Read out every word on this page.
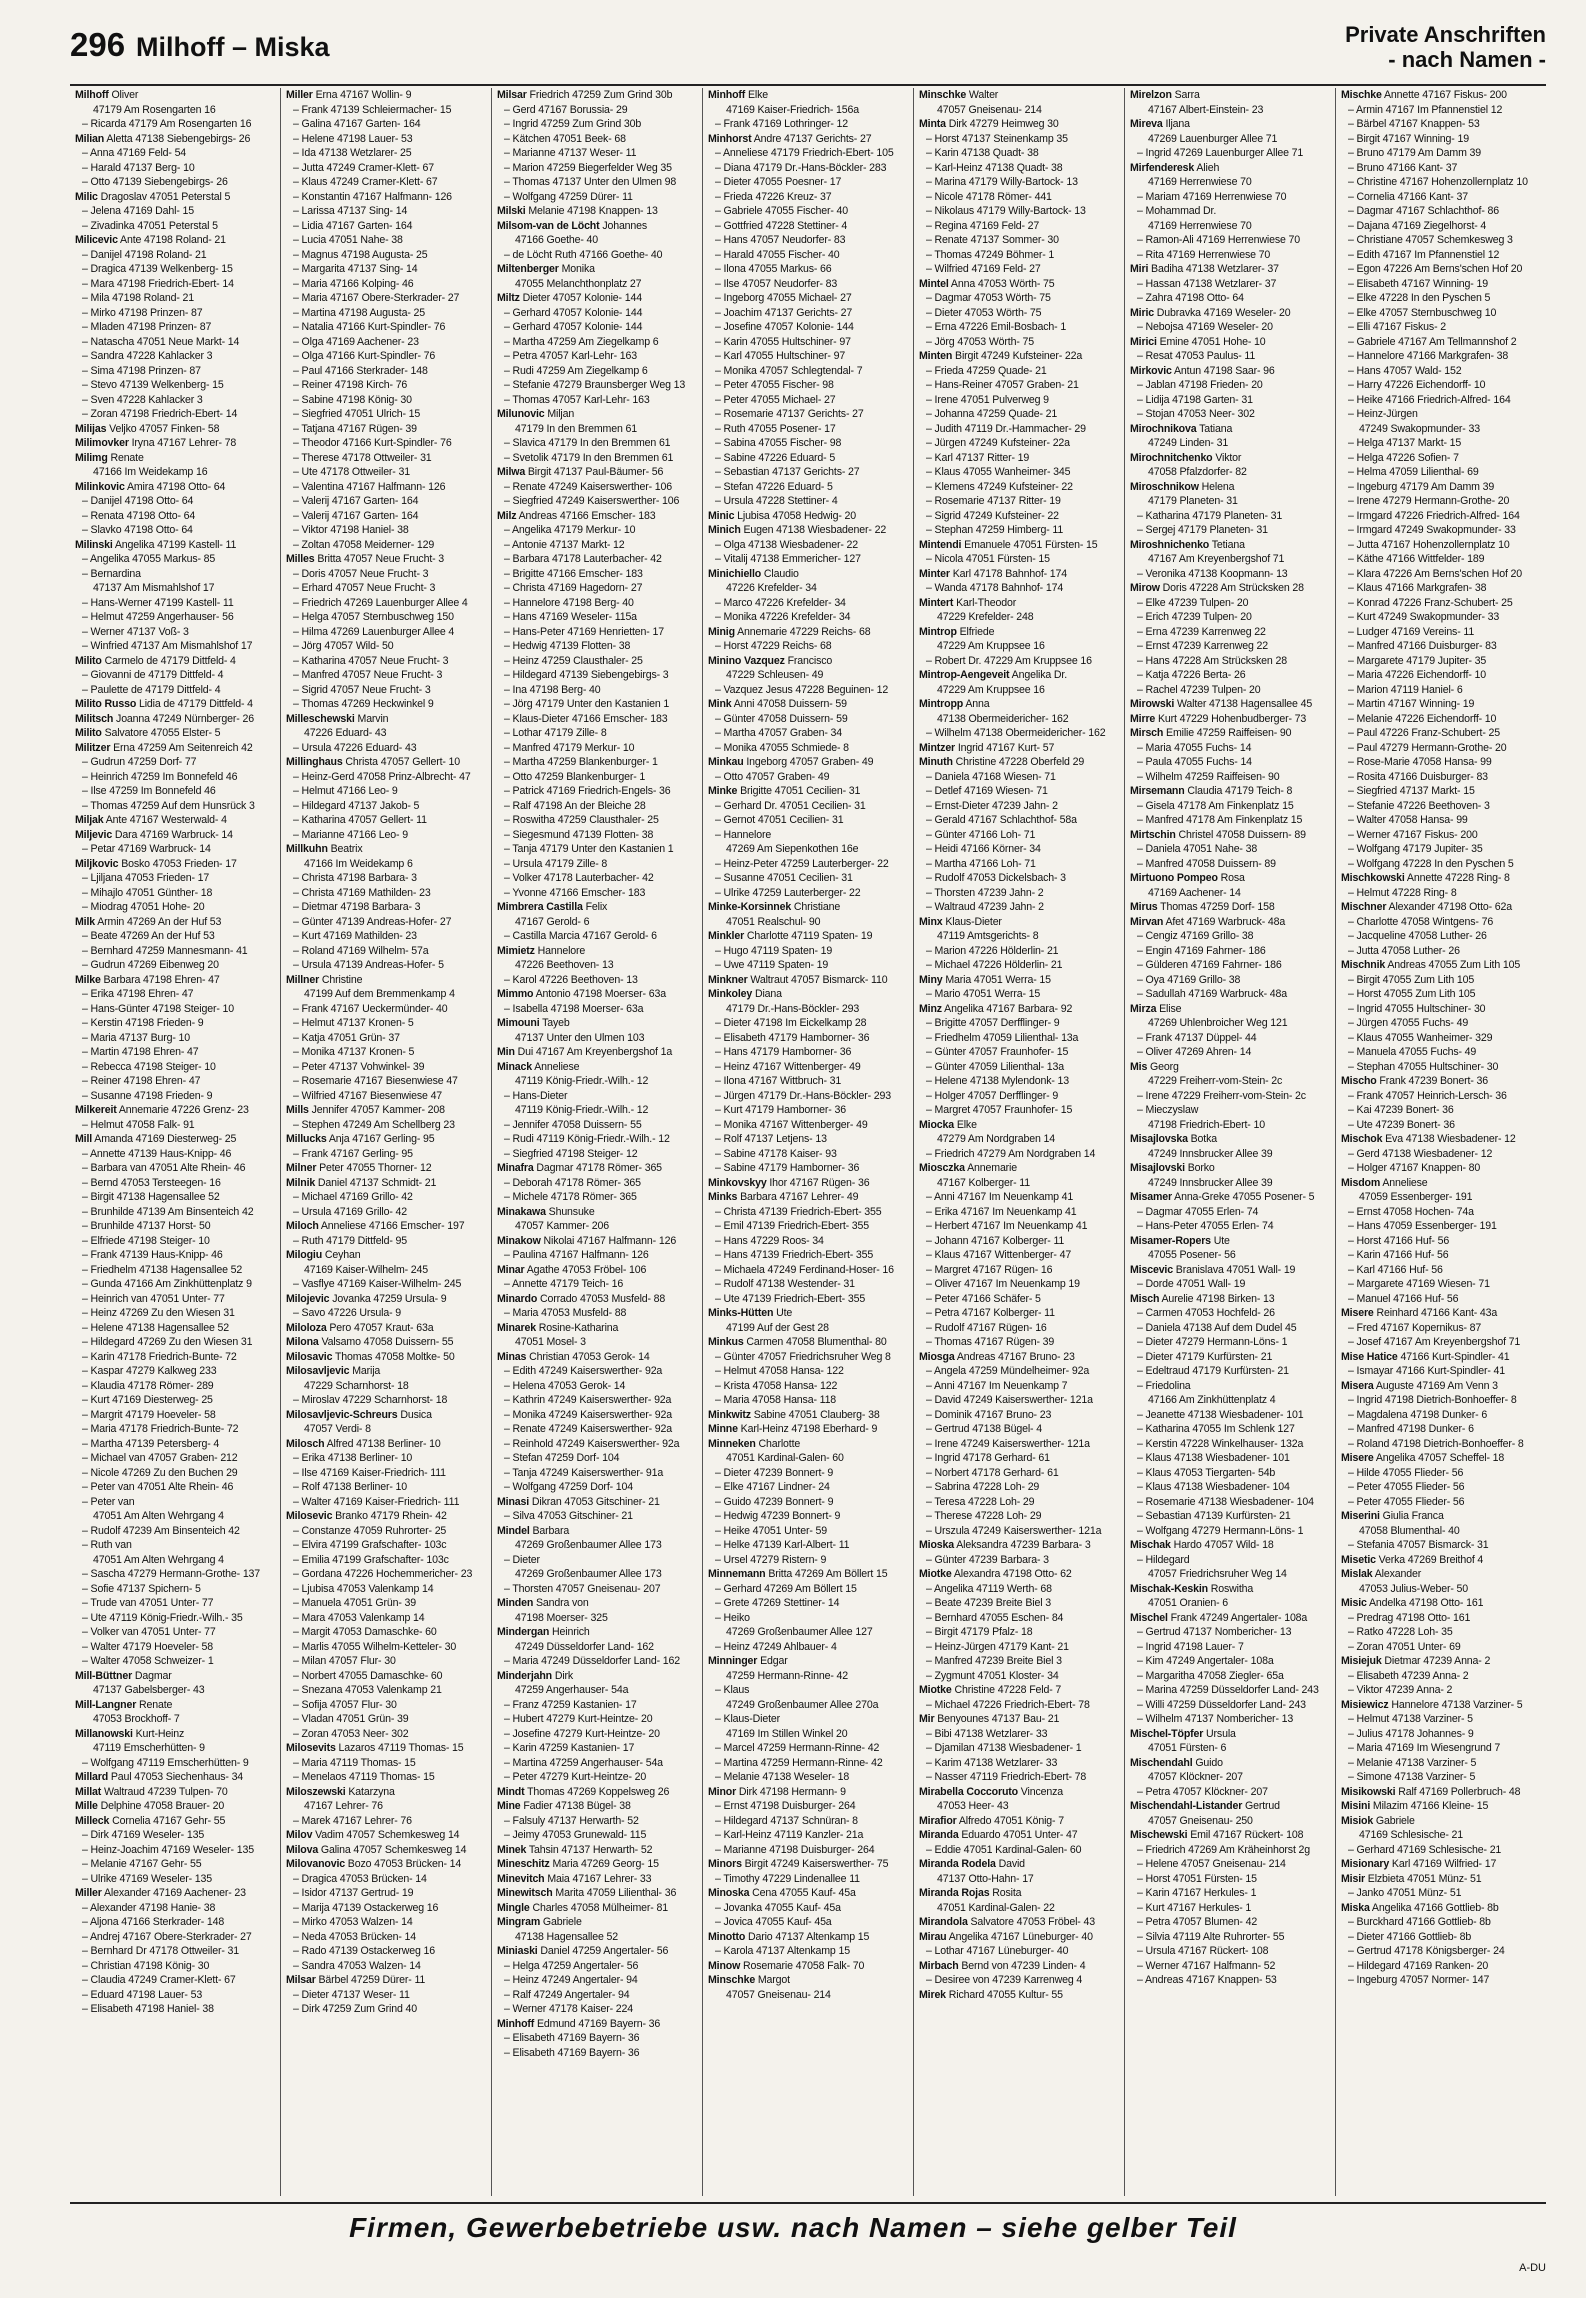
296 Milhoff – Miska	Private Anschriften
- nach Namen -
Milhoff Oliver
47179 Am Rosengarten 16
– Ricarda 47179 Am Rosengarten 16
Milian Aletta 47138 Siebengebirgs- 26
– Anna 47169 Feld- 54
– Harald 47137 Berg- 10
– Otto 47139 Siebengebirgs- 26
Milic Dragoslav 47051 Peterstal 5
– Jelena 47169 Dahl- 15
– Zivadinka 47051 Peterstal 5
Milicevic Ante 47198 Roland- 21
– Danijel 47198 Roland- 21
– Dragica 47139 Welkenberg- 15
– Mara 47198 Friedrich-Ebert- 14
– Mila 47198 Roland- 21
– Mirko 47198 Prinzen- 87
– Mladen 47198 Prinzen- 87
– Natascha 47051 Neue Markt- 14
– Sandra 47228 Kahlacker 3
– Sima 47198 Prinzen- 87
– Stevo 47139 Welkenberg- 15
– Sven 47228 Kahlacker 3
– Zoran 47198 Friedrich-Ebert- 14
Milijas Veljko 47057 Finken- 58
Milimovker Iryna 47167 Lehrer- 78
Milimg Renate
47166 Im Weidekamp 16
Milinkovic Amira 47198 Otto- 64
– Danijel 47198 Otto- 64
– Renata 47198 Otto- 64
– Slavko 47198 Otto- 64
Milinski Angelika 47199 Kastell- 11
– Angelika 47055 Markus- 85
– Bernardina
47137 Am Mismahlshof 17
– Hans-Werner 47199 Kastell- 11
– Helmut 47259 Angerhauser- 56
– Werner 47137 Voß- 3
– Winfried 47137 Am Mismahlshof 17
Milito Carmelo de 47179 Dittfeld- 4
– Giovanni de 47179 Dittfeld- 4
– Paulette de 47179 Dittfeld- 4
Milito Russo Lidia de 47179 Dittfeld- 4
Militsch Joanna 47249 Nürnberger- 26
Milito Salvatore 47055 Elster- 5
Militzer Erna 47259 Am Seitenreich 42
– Gudrun 47259 Dorf- 77
– Heinrich 47259 Im Bonnefeld 46
– Ilse 47259 Im Bonnefeld 46
– Thomas 47259 Auf dem Hunsrück 3
Miljak Ante 47167 Westerwald- 4
Miljevic Dara 47169 Warbruck- 14
– Petar 47169 Warbruck- 14
Miljkovic Bosko 47053 Frieden- 17
– Ljiljana 47053 Frieden- 17
– Mihajlo 47051 Günther- 18
– Miodrag 47051 Hohe- 20
Milk Armin 47269 An der Huf 53
– Beate 47269 An der Huf 53
– Bernhard 47259 Mannesmann- 41
– Gudrun 47269 Eibenweg 20
Milke Barbara 47198 Ehren- 47
– Erika 47198 Ehren- 47
– Hans-Günter 47198 Steiger- 10
– Kerstin 47198 Frieden- 9
– Maria 47137 Burg- 10
– Martin 47198 Ehren- 47
– Rebecca 47198 Steiger- 10
– Reiner 47198 Ehren- 47
– Susanne 47198 Frieden- 9
Milkereit Annemarie 47226 Grenz- 23
– Helmut 47058 Falk- 91
Mill Amanda 47169 Diesterweg- 25
– Annette 47139 Haus-Knipp- 46
– Barbara van 47051 Alte Rhein- 46
– Bernd 47053 Tersteegen- 16
– Birgit 47138 Hagensallee 52
– Brunhilde 47139 Am Binsenteich 42
– Brunhilde 47137 Horst- 50
– Elfriede 47198 Steiger- 10
– Frank 47139 Haus-Knipp- 46
– Friedhelm 47138 Hagensallee 52
– Gunda 47166 Am Zinkhüttenplatz 9
– Heinrich van 47051 Unter- 77
– Heinz 47269 Zu den Wiesen 31
– Helene 47138 Hagensallee 52
– Hildegard 47269 Zu den Wiesen 31
– Karin 47178 Friedrich-Bunte- 72
– Kaspar 47279 Kalkweg 233
– Klaudia 47178 Römer- 289
– Kurt 47169 Diesterweg- 25
– Margrit 47179 Hoeveler- 58
– Maria 47178 Friedrich-Bunte- 72
– Martha 47139 Petersberg- 4
– Michael van 47057 Graben- 212
– Nicole 47269 Zu den Buchen 29
– Peter van 47051 Alte Rhein- 46
– Peter van
47051 Am Alten Wehrgang 4
– Rudolf 47239 Am Binsenteich 42
– Ruth van
47051 Am Alten Wehrgang 4
– Sascha 47279 Hermann-Grothe- 137
– Sofie 47137 Spichern- 5
– Trude van 47051 Unter- 77
– Ute 47119 König-Friedr.-Wilh.- 35
– Volker van 47051 Unter- 77
– Walter 47179 Hoeveler- 58
– Walter 47058 Schweizer- 1
Mill-Büttner Dagmar
47137 Gabelsberger- 43
Mill-Langner Renate
47053 Brockhoff- 7
Millanowski Kurt-Heinz
47119 Emscherhütten- 9
– Wolfgang 47119 Emscherhütten- 9
Millard Paul 47053 Siechenhaus- 34
Millat Waltraud 47239 Tulpen- 70
Mille Delphine 47058 Brauer- 20
Milleck Cornelia 47167 Gehr- 55
– Dirk 47169 Weseler- 135
– Heinz-Joachim 47169 Weseler- 135
– Melanie 47167 Gehr- 55
– Ulrike 47169 Weseler- 135
Miller Alexander 47169 Aachener- 23
– Alexander 47198 Hanie- 38
– Aljona 47166 Sterkrader- 148
– Andrej 47167 Obere-Sterkrader- 27
– Bernhard Dr 47178 Ottweiler- 31
– Christian 47198 König- 30
– Claudia 47249 Cramer-Klett- 67
– Eduard 47198 Lauer- 53
– Elisabeth 47198 Haniel- 38
Miller Erna 47167 Wollin- 9
– Frank 47139 Schleiermacher- 15
– Galina 47167 Garten- 164
– Helene 47198 Lauer- 53
– Ida 47138 Wetzlarer- 25
– Jutta 47249 Cramer-Klett- 67
– Klaus 47249 Cramer-Klett- 67
– Konstantin 47167 Halfmann- 126
– Larissa 47137 Sing- 14
– Lidia 47167 Garten- 164
– Lucia 47051 Nahe- 38
– Magnus 47198 Augusta- 25
– Margarita 47137 Sing- 14
– Maria 47166 Kolping- 46
– Maria 47167 Obere-Sterkrader- 27
– Martina 47198 Augusta- 25
– Natalia 47166 Kurt-Spindler- 76
– Olga 47169 Aachener- 23
– Olga 47166 Kurt-Spindler- 76
– Paul 47166 Sterkrader- 148
– Reiner 47198 Kirch- 76
– Sabine 47198 König- 30
– Siegfried 47051 Ulrich- 15
– Tatjana 47167 Rügen- 39
– Theodor 47166 Kurt-Spindler- 76
– Therese 47178 Ottweiler- 31
– Ute 47178 Ottweiler- 31
– Valentina 47167 Halfmann- 126
– Valerij 47167 Garten- 164
– Valerij 47167 Garten- 164
– Viktor 47198 Haniel- 38
– Zoltan 47058 Meiderner- 129
Milles Britta 47057 Neue Frucht- 3
– Doris 47057 Neue Frucht- 3
– Erhard 47057 Neue Frucht- 3
– Friedrich 47269 Lauenburger Allee 4
– Helga 47057 Sternbuschweg 150
– Hilma 47269 Lauenburger Allee 4
– Jörg 47057 Wild- 50
– Katharina 47057 Neue Frucht- 3
– Manfred 47057 Neue Frucht- 3
– Sigrid 47057 Neue Frucht- 3
– Thomas 47269 Heckwinkel 9
Milleschewski Marvin
47226 Eduard- 43
– Ursula 47226 Eduard- 43
Millinghaus Christa 47057 Gellert- 10
– Heinz-Gerd 47058 Prinz-Albrecht- 47
– Helmut 47166 Leo- 9
– Hildegard 47137 Jakob- 5
– Katharina 47057 Gellert- 11
– Marianne 47166 Leo- 9
Millkuhn Beatrix
47166 Im Weidekamp 6
– Christa 47198 Barbara- 3
– Christa 47169 Mathilden- 23
– Dietmar 47198 Barbara- 3
– Günter 47139 Andreas-Hofer- 27
– Kurt 47169 Mathilden- 23
– Roland 47169 Wilhelm- 57a
– Ursula 47139 Andreas-Hofer- 5
Millner Christine
47199 Auf dem Bremmenkamp 4
– Frank 47167 Ueckermünder- 40
– Helmut 47137 Kronen- 5
– Katja 47051 Grün- 37
– Monika 47137 Kronen- 5
– Peter 47137 Vohwinkel- 39
– Rosemarie 47167 Biesenwiese 47
– Wilfried 47167 Biesenwiese 47
Mills Jennifer 47057 Kammer- 208
– Stephen 47249 Am Schellberg 23
Millucks Anja 47167 Gerling- 95
– Frank 47167 Gerling- 95
Milner Peter 47055 Thorner- 12
Milnik Daniel 47137 Schmidt- 21
– Michael 47169 Grillo- 42
– Ursula 47169 Grillo- 42
Miloch Anneliese 47166 Emscher- 197
– Ruth 47179 Dittfeld- 95
Milogiu Ceyhan
47169 Kaiser-Wilhelm- 245
– Vasflye 47169 Kaiser-Wilhelm- 245
Milojevic Jovanka 47259 Ursula- 9
– Savo 47226 Ursula- 9
Miloloza Pero 47057 Kraut- 63a
Milona Valsamo 47058 Duissern- 55
Milosavic Thomas 47058 Moltke- 50
Milosavljevic Marija
47229 Scharnhorst- 18
– Miroslav 47229 Scharnhorst- 18
Milosavljevic-Schreurs Dusica
47057 Verdi- 8
Milosch Alfred 47138 Berliner- 10
– Erika 47138 Berliner- 10
– Ilse 47169 Kaiser-Friedrich- 111
– Rolf 47138 Berliner- 10
– Walter 47169 Kaiser-Friedrich- 111
Milosevic Branko 47179 Rhein- 42
– Constanze 47059 Ruhrorter- 25
– Elvira 47199 Grafschafter- 103c
– Emilia 47199 Grafschafter- 103c
– Gordana 47226 Hochemmericher- 23
– Ljubisa 47053 Valenkamp 14
– Manuela 47051 Grün- 39
– Mara 47053 Valenkamp 14
– Margit 47053 Damaschke- 60
– Marlis 47055 Wilhelm-Ketteler- 30
– Milan 47057 Flur- 30
– Norbert 47055 Damaschke- 60
– Snezana 47053 Valenkamp 21
– Sofija 47057 Flur- 30
– Vladan 47051 Grün- 39
– Zoran 47053 Neer- 302
Milosevits Lazaros 47119 Thomas- 15
– Maria 47119 Thomas- 15
– Menelaos 47119 Thomas- 15
Miloszewski Katarzyna
47167 Lehrer- 76
– Marek 47167 Lehrer- 76
Milov Vadim 47057 Schemkesweg 14
Milova Galina 47057 Schemkesweg 14
Milovanovic Bozo 47053 Brücken- 14
– Dragica 47053 Brücken- 14
– Isidor 47137 Gertrud- 19
– Marija 47139 Ostackerweg 16
– Mirko 47053 Walzen- 14
– Neda 47053 Brücken- 14
– Rado 47139 Ostackerweg 16
– Sandra 47053 Walzen- 14
Milsar Bärbel 47259 Dürer- 11
– Dieter 47137 Weser- 11
– Dirk 47259 Zum Grind 40
Milsar Friedrich 47259 Zum Grind 30b
– Gerd 47167 Borussia- 29
– Ingrid 47259 Zum Grind 30b
– Kätchen 47051 Beek- 68
– Marianne 47137 Weser- 11
– Marion 47259 Biegerfelder Weg 35
– Thomas 47137 Unter den Ulmen 98
– Wolfgang 47259 Dürer- 11
Milski Melanie 47198 Knappen- 13
Milsom-van de Löcht Johannes
47166 Goethe- 40
– de Löcht Ruth 47166 Goethe- 40
Miltenberger Monika
47055 Melanchthonplatz 27
Miltz Dieter 47057 Kolonie- 144
– Gerhard 47057 Kolonie- 144
– Gerhard 47057 Kolonie- 144
– Martha 47259 Am Ziegelkamp 6
– Petra 47057 Karl-Lehr- 163
– Rudi 47259 Am Ziegelkamp 6
– Stefanie 47279 Braunsberger Weg 13
– Thomas 47057 Karl-Lehr- 163
Milunovic Miljan
47179 In den Bremmen 61
– Slavica 47179 In den Bremmen 61
– Svetolik 47179 In den Bremmen 61
Milwa Birgit 47137 Paul-Bäumer- 56
– Renate 47249 Kaiserswerther- 106
– Siegfried 47249 Kaiserswerther- 106
Milz Andreas 47166 Emscher- 183
– Angelika 47179 Merkur- 10
– Antonie 47137 Markt- 12
– Barbara 47178 Lauterbacher- 42
– Brigitte 47166 Emscher- 183
– Christa 47169 Hagedorn- 27
– Hannelore 47198 Berg- 40
– Hans 47169 Weseler- 115a
– Hans-Peter 47169 Henrietten- 17
– Hedwig 47139 Flotten- 38
– Heinz 47259 Clausthaler- 25
– Hildegard 47139 Siebengebirgs- 3
– Ina 47198 Berg- 40
– Jörg 47179 Unter den Kastanien 1
– Klaus-Dieter 47166 Emscher- 183
– Lothar 47179 Zille- 8
– Manfred 47179 Merkur- 10
– Martha 47259 Blankenburger- 1
– Otto 47259 Blankenburger- 1
– Patrick 47169 Friedrich-Engels- 36
– Ralf 47198 An der Bleiche 28
– Roswitha 47259 Clausthaler- 25
– Siegesmund 47139 Flotten- 38
– Tanja 47179 Unter den Kastanien 1
– Ursula 47179 Zille- 8
– Volker 47178 Lauterbacher- 42
– Yvonne 47166 Emscher- 183
Mimbrera Castilla Felix
47167 Gerold- 6
– Castilla Marcia 47167 Gerold- 6
Mimietz Hannelore
47226 Beethoven- 13
– Karol 47226 Beethoven- 13
Mimmo Antonio 47198 Moerser- 63a
– Isabella 47198 Moerser- 63a
Mimouni Tayeb
47137 Unter den Ulmen 103
Min Dui 47167 Am Kreyenbergshof 1a
Minack Anneliese
47119 König-Friedr.-Wilh.- 12
– Hans-Dieter
47119 König-Friedr.-Wilh.- 12
– Jennifer 47058 Duissern- 55
– Rudi 47119 König-Friedr.-Wilh.- 12
– Siegfried 47198 Steiger- 12
Minafra Dagmar 47178 Römer- 365
– Deborah 47178 Römer- 365
– Michele 47178 Römer- 365
Minakawa Shunsuke
47057 Kammer- 206
Minakow Nikolai 47167 Halfmann- 126
– Paulina 47167 Halfmann- 126
Minar Agathe 47053 Fröbel- 106
– Annette 47179 Teich- 16
Minardo Corrado 47053 Musfeld- 88
– Maria 47053 Musfeld- 88
Minarek Rosine-Katharina
47051 Mosel- 3
Minas Christian 47053 Gerok- 14
– Edith 47249 Kaiserswerther- 92a
– Helena 47053 Gerok- 14
– Kathrin 47249 Kaiserswerther- 92a
– Monika 47249 Kaiserswerther- 92a
– Renate 47249 Kaiserswerther- 92a
– Reinhold 47249 Kaiserswerther- 92a
– Stefan 47259 Dorf- 104
– Tanja 47249 Kaiserswerther- 91a
– Wolfgang 47259 Dorf- 104
Minasi Dikran 47053 Gitschiner- 21
– Silva 47053 Gitschiner- 21
Mindel Barbara
47269 Großenbaumer Allee 173
– Dieter
47269 Großenbaumer Allee 173
– Thorsten 47057 Gneisenau- 207
Minden Sandra von
47198 Moerser- 325
Mindergan Heinrich
47249 Düsseldorfer Land- 162
– Maria 47249 Düsseldorfer Land- 162
Minderjahn Dirk
47259 Angerhauser- 54a
– Franz 47259 Kastanien- 17
– Hubert 47279 Kurt-Heintze- 20
– Josefine 47279 Kurt-Heintze- 20
– Karin 47259 Kastanien- 17
– Martina 47259 Angerhauser- 54a
– Peter 47279 Kurt-Heintze- 20
Mindt Thomas 47269 Koppelsweg 26
Mine Fadier 47138 Bügel- 38
– Falsuly 47137 Herwarth- 52
– Jeimy 47053 Grunewald- 115
Minek Tahsin 47137 Herwarth- 52
Mineschitz Maria 47269 Georg- 15
Minevitch Maia 47167 Lehrer- 33
Minewitsch Marita 47059 Lilienthal- 36
Mingle Charles 47058 Mülheimer- 81
Mingram Gabriele
47138 Hagensallee 52
Miniaski Daniel 47259 Angertaler- 56
– Helga 47259 Angertaler- 56
– Heinz 47249 Angertaler- 94
– Ralf 47249 Angertaler- 94
– Werner 47178 Kaiser- 224
Minhoff Edmund 47169 Bayern- 36
– Elisabeth 47169 Bayern- 36
– Elisabeth 47169 Bayern- 36
Minhoff Elke
47169 Kaiser-Friedrich- 156a
– Frank 47169 Lothringer- 12
Minhorst Andre 47137 Gerichts- 27
– Anneliese 47179 Friedrich-Ebert- 105
– Diana 47179 Dr.-Hans-Böckler- 283
– Dieter 47055 Poesner- 17
– Frieda 47226 Kreuz- 37
– Gabriele 47055 Fischer- 40
– Gottfried 47228 Stettiner- 4
– Hans 47057 Neudorfer- 83
– Harald 47055 Fischer- 40
– Ilona 47055 Markus- 66
– Ilse 47057 Neudorfer- 83
– Ingeborg 47055 Michael- 27
– Joachim 47137 Gerichts- 27
– Josefine 47057 Kolonie- 144
– Karin 47055 Hultschiner- 97
– Karl 47055 Hultschiner- 97
– Monika 47057 Schlegtendal- 7
– Peter 47055 Fischer- 98
– Peter 47055 Michael- 27
– Rosemarie 47137 Gerichts- 27
– Ruth 47055 Posener- 17
– Sabina 47055 Fischer- 98
– Sabine 47226 Eduard- 5
– Sebastian 47137 Gerichts- 27
– Stefan 47226 Eduard- 5
– Ursula 47228 Stettiner- 4
Minic Ljubisa 47058 Hedwig- 20
Minich Eugen 47138 Wiesbadener- 22
– Olga 47138 Wiesbadener- 22
– Vitalij 47138 Emmericher- 127
Minichiello Claudio
47226 Krefelder- 34
– Marco 47226 Krefelder- 34
– Monika 47226 Krefelder- 34
Minig Annemarie 47229 Reichs- 68
– Horst 47229 Reichs- 68
Minino Vazquez Francisco
47229 Schleusen- 49
– Vazquez Jesus 47228 Beguinen- 12
Mink Anni 47058 Duissern- 59
– Günter 47058 Duissern- 59
– Martha 47057 Graben- 34
– Monika 47055 Schmiede- 8
Minkau Ingeborg 47057 Graben- 49
– Otto 47057 Graben- 49
Minke Brigitte 47051 Cecilien- 31
– Gerhard Dr. 47051 Cecilien- 31
– Gernot 47051 Cecilien- 31
– Hannelore
47269 Am Siepenkothen 16e
– Heinz-Peter 47259 Lauterberger- 22
– Susanne 47051 Cecilien- 31
– Ulrike 47259 Lauterberger- 22
Minke-Korsinnek Christiane
47051 Realschul- 90
Minkler Charlotte 47119 Spaten- 19
– Hugo 47119 Spaten- 19
– Uwe 47119 Spaten- 19
Minkner Waltraut 47057 Bismarck- 110
Minkoley Diana
47179 Dr.-Hans-Böckler- 293
– Dieter 47198 Im Eickelkamp 28
– Elisabeth 47179 Hamborner- 36
– Hans 47179 Hamborner- 36
– Heinz 47167 Wittenberger- 49
– Ilona 47167 Wittbruch- 31
– Jürgen 47179 Dr.-Hans-Böckler- 293
– Kurt 47179 Hamborner- 36
– Monika 47167 Wittenberger- 49
– Rolf 47137 Letjens- 13
– Sabine 47178 Kaiser- 93
– Sabine 47179 Hamborner- 36
Minkovskyy Ihor 47167 Rügen- 36
Minks Barbara 47167 Lehrer- 49
– Christa 47139 Friedrich-Ebert- 355
– Emil 47139 Friedrich-Ebert- 355
– Hans 47229 Roos- 34
– Hans 47139 Friedrich-Ebert- 355
– Michaela 47249 Ferdinand-Hoser- 16
– Rudolf 47138 Westender- 31
– Ute 47139 Friedrich-Ebert- 355
Minks-Hütten Ute
47199 Auf der Gest 28
Minkus Carmen 47058 Blumenthal- 80
– Günter 47057 Friedrichsruher Weg 8
– Helmut 47058 Hansa- 122
– Krista 47058 Hansa- 122
– Maria 47058 Hansa- 118
Minkwitz Sabine 47051 Clauberg- 38
Minne Karl-Heinz 47198 Eberhard- 9
Minneken Charlotte
47051 Kardinal-Galen- 60
– Dieter 47239 Bonnert- 9
– Elke 47167 Lindner- 24
– Guido 47239 Bonnert- 9
– Hedwig 47239 Bonnert- 9
– Heike 47051 Unter- 59
– Helke 47139 Karl-Albert- 11
– Ursel 47279 Ristern- 9
Minnemann Britta 47269 Am Böllert 15
– Gerhard 47269 Am Böllert 15
– Grete 47269 Stettiner- 14
– Heiko
47269 Großenbaumer Allee 127
– Heinz 47249 Ahlbauer- 4
Minninger Edgar
47259 Hermann-Rinne- 42
– Klaus
47249 Großenbaumer Allee 270a
– Klaus-Dieter
47169 Im Stillen Winkel 20
– Marcel 47259 Hermann-Rinne- 42
– Martina 47259 Hermann-Rinne- 42
– Melanie 47138 Weseler- 18
Minor Dirk 47198 Hermann- 9
– Ernst 47198 Duisburger- 264
– Hildegard 47137 Schnüran- 8
– Karl-Heinz 47119 Kanzler- 21a
– Marianne 47198 Duisburger- 264
Minors Birgit 47249 Kaiserswerther- 75
– Timothy 47229 Lindenallee 11
Minoska Cena 47055 Kauf- 45a
– Jovanka 47055 Kauf- 45a
– Jovica 47055 Kauf- 45a
Minotto Dario 47137 Altenkamp 15
– Karola 47137 Altenkamp 15
Minow Rosemarie 47058 Falk- 70
Minschke Margot
47057 Gneisenau- 214
Minschke Walter
47057 Gneisenau- 214
Minta Dirk 47279 Heimweg 30
– Horst 47137 Steinenkamp 35
– Karin 47138 Quadt- 38
– Karl-Heinz 47138 Quadt- 38
– Marina 47179 Willy-Bartock- 13
– Nicole 47178 Römer- 441
– Nikolaus 47179 Willy-Bartock- 13
– Regina 47169 Feld- 27
– Renate 47137 Sommer- 30
– Thomas 47249 Böhmer- 1
– Wilfried 47169 Feld- 27
Mintel Anna 47053 Wörth- 75
– Dagmar 47053 Wörth- 75
– Dieter 47053 Wörth- 75
– Erna 47226 Emil-Bosbach- 1
– Jörg 47053 Wörth- 75
Minten Birgit 47249 Kufsteiner- 22a
– Frieda 47259 Quade- 21
– Hans-Reiner 47057 Graben- 21
– Irene 47051 Pulverweg 9
– Johanna 47259 Quade- 21
– Judith 47119 Dr.-Hammacher- 29
– Jürgen 47249 Kufsteiner- 22a
– Karl 47137 Ritter- 19
– Klaus 47055 Wanheimer- 345
– Klemens 47249 Kufsteiner- 22
– Rosemarie 47137 Ritter- 19
– Sigrid 47249 Kufsteiner- 22
– Stephan 47259 Himberg- 11
Mintendi Emanuele 47051 Fürsten- 15
– Nicola 47051 Fürsten- 15
Minter Karl 47178 Bahnhof- 174
– Wanda 47178 Bahnhof- 174
Mintert Karl-Theodor
47229 Krefelder- 248
Mintrop Elfriede
47229 Am Kruppsee 16
– Robert Dr. 47229 Am Kruppsee 16
Mintrop-Aengeveit Angelika Dr.
47229 Am Kruppsee 16
Mintropp Anna
47138 Obermeidericher- 162
– Wilhelm 47138 Obermeidericher- 162
Mintzer Ingrid 47167 Kurt- 57
Minuth Christine 47228 Oberfeld 29
– Daniela 47168 Wiesen- 71
– Detlef 47169 Wiesen- 71
– Ernst-Dieter 47239 Jahn- 2
– Gerald 47167 Schlachthof- 58a
– Günter 47166 Loh- 71
– Heidi 47166 Körner- 34
– Martha 47166 Loh- 71
– Rudolf 47053 Dickelsbach- 3
– Thorsten 47239 Jahn- 2
– Waltraud 47239 Jahn- 2
Minx Klaus-Dieter
47119 Amtsgerichts- 8
– Marion 47226 Hölderlin- 21
– Michael 47226 Hölderlin- 21
Miny Maria 47051 Werra- 15
– Mario 47051 Werra- 15
Minz Angelika 47167 Barbara- 92
– Brigitte 47057 Derfflinger- 9
– Friedhelm 47059 Lilienthal- 13a
– Günter 47057 Fraunhofer- 15
– Günter 47059 Lilienthal- 13a
– Helene 47138 Mylendonk- 13
– Holger 47057 Derfflinger- 9
– Margret 47057 Fraunhofer- 15
Miocka Elke
47279 Am Nordgraben 14
– Friedrich 47279 Am Nordgraben 14
Miosczka Annemarie
47167 Kolberger- 11
– Anni 47167 Im Neuenkamp 41
– Erika 47167 Im Neuenkamp 41
– Herbert 47167 Im Neuenkamp 41
– Johann 47167 Kolberger- 11
– Klaus 47167 Wittenberger- 47
– Margret 47167 Rügen- 16
– Oliver 47167 Im Neuenkamp 19
– Peter 47166 Schäfer- 5
– Petra 47167 Kolberger- 11
– Rudolf 47167 Rügen- 16
– Thomas 47167 Rügen- 39
Miosga Andreas 47167 Bruno- 23
– Angela 47259 Mündelheimer- 92a
– Anni 47167 Im Neuenkamp 7
– David 47249 Kaiserswerther- 121a
– Dominik 47167 Bruno- 23
– Gertrud 47138 Bügel- 4
– Irene 47249 Kaiserswerther- 121a
– Ingrid 47178 Gerhard- 61
– Norbert 47178 Gerhard- 61
– Sabrina 47228 Loh- 29
– Teresa 47228 Loh- 29
– Therese 47228 Loh- 29
– Urszula 47249 Kaiserswerther- 121a
Mioska Aleksandra 47239 Barbara- 3
– Günter 47239 Barbara- 3
Miotke Alexandra 47198 Otto- 62
– Angelika 47119 Werth- 68
– Beate 47239 Breite Biel 3
– Bernhard 47055 Eschen- 84
– Birgit 47179 Pfalz- 18
– Heinz-Jürgen 47179 Kant- 21
– Manfred 47239 Breite Biel 3
– Zygmunt 47051 Kloster- 34
Miotke Christine 47228 Feld- 7
– Michael 47226 Friedrich-Ebert- 78
Mir Benyounes 47137 Bau- 21
– Bibi 47138 Wetzlarer- 33
– Djamilan 47138 Wiesbadener- 1
– Karim 47138 Wetzlarer- 33
– Nasser 47119 Friedrich-Ebert- 78
Mirabella Coccoruto Vincenza
47053 Heer- 43
Mirafior Alfredo 47051 König- 7
Miranda Eduardo 47051 Unter- 47
– Eddie 47051 Kardinal-Galen- 60
Miranda Rodela David
47137 Otto-Hahn- 17
Miranda Rojas Rosita
47051 Kardinal-Galen- 22
Mirandola Salvatore 47053 Fröbel- 43
Mirau Angelika 47167 Lüneburger- 40
– Lothar 47167 Lüneburger- 40
Mirbach Bernd von 47239 Linden- 4
– Desiree von 47239 Karrenweg 4
Mirek Richard 47055 Kultur- 55
Mirelzon Sarra
47167 Albert-Einstein- 23
Mireva Iljana
47269 Lauenburger Allee 71
– Ingrid 47269 Lauenburger Allee 71
Mirfenderesk Alieh
47169 Herrenwiese 70
– Mariam 47169 Herrenwiese 70
– Mohammad Dr.
47169 Herrenwiese 70
– Ramon-Ali 47169 Herrenwiese 70
– Rita 47169 Herrenwiese 70
Miri Badiha 47138 Wetzlarer- 37
– Hassan 47138 Wetzlarer- 37
– Zahra 47198 Otto- 64
Miric Dubravka 47169 Weseler- 20
– Nebojsa 47169 Weseler- 20
Mirici Emine 47051 Hohe- 10
– Resat 47053 Paulus- 11
Mirkovic Antun 47198 Saar- 96
– Jablan 47198 Frieden- 20
– Lidija 47198 Garten- 31
– Stojan 47053 Neer- 302
Mirochnikova Tatiana
47249 Linden- 31
Mirochnitchenko Viktor
47058 Pfalzdorfer- 82
Miroschnikow Helena
47179 Planeten- 31
– Katharina 47179 Planeten- 31
– Sergej 47179 Planeten- 31
Miroshnichenko Tetiana
47167 Am Kreyenbergshof 71
– Veronika 47138 Koopmann- 13
Mirow Doris 47228 Am Strücksken 28
– Elke 47239 Tulpen- 20
– Erich 47239 Tulpen- 20
– Erna 47239 Karrenweg 22
– Ernst 47239 Karrenweg 22
– Hans 47228 Am Strücksken 28
– Katja 47226 Berta- 26
– Rachel 47239 Tulpen- 20
Mirowski Walter 47138 Hagensallee 45
Mirre Kurt 47229 Hohenbudberger- 73
Mirsch Emilie 47259 Raiffeisen- 90
– Maria 47055 Fuchs- 14
– Paula 47055 Fuchs- 14
– Wilhelm 47259 Raiffeisen- 90
Mirsemann Claudia 47179 Teich- 8
– Gisela 47178 Am Finkenplatz 15
– Manfred 47178 Am Finkenplatz 15
Mirtschin Christel 47058 Duissern- 89
– Daniela 47051 Nahe- 38
– Manfred 47058 Duissern- 89
Mirtuono Pompeo Rosa
47169 Aachener- 14
Mirus Thomas 47259 Dorf- 158
Mirvan Afet 47169 Warbruck- 48a
– Cengiz 47169 Grillo- 38
– Engin 47169 Fahrner- 186
– Gülderen 47169 Fahrner- 186
– Oya 47169 Grillo- 38
– Sadullah 47169 Warbruck- 48a
Mirza Elise
47269 Uhlenbroicher Weg 121
– Frank 47137 Düppel- 44
– Oliver 47269 Ahren- 14
Mis Georg
47229 Freiherr-vom-Stein- 2c
– Irene 47229 Freiherr-vom-Stein- 2c
– Mieczyslaw
47198 Friedrich-Ebert- 10
Misajlovska Botka
47249 Innsbrucker Allee 39
Misajlovski Borko
47249 Innsbrucker Allee 39
Misamer Anna-Greke 47055 Posener- 5
– Dagmar 47055 Erlen- 74
– Hans-Peter 47055 Erlen- 74
Misamer-Ropers Ute
47055 Posener- 56
Miscevic Branislava 47051 Wall- 19
– Dorde 47051 Wall- 19
Misch Aurelie 47198 Birken- 13
– Carmen 47053 Hochfeld- 26
– Daniela 47138 Auf dem Dudel 45
– Dieter 47279 Hermann-Löns- 1
– Dieter 47179 Kurfürsten- 21
– Edeltraud 47179 Kurfürsten- 21
– Friedolina
47166 Am Zinkhüttenplatz 4
– Jeanette 47138 Wiesbadener- 101
– Katharina 47055 Im Schlenk 127
– Kerstin 47228 Winkelhauser- 132a
– Klaus 47138 Wiesbadener- 101
– Klaus 47053 Tiergarten- 54b
– Klaus 47138 Wiesbadener- 104
– Rosemarie 47138 Wiesbadener- 104
– Sebastian 47139 Kurfürsten- 21
– Wolfgang 47279 Hermann-Löns- 1
Mischak Hardo 47057 Wild- 18
– Hildegard
47057 Friedrichsruher Weg 14
Mischak-Keskin Roswitha
47051 Oranien- 6
Mischel Frank 47249 Angertaler- 108a
– Gertrud 47137 Nombericher- 13
– Ingrid 47198 Lauer- 7
– Kim 47249 Angertaler- 108a
– Margaritha 47058 Ziegler- 65a
– Marina 47259 Düsseldorfer Land- 243
– Willi 47259 Düsseldorfer Land- 243
– Wilhelm 47137 Nombericher- 13
Mischel-Töpfer Ursula
47051 Fürsten- 6
Mischendahl Guido
47057 Klöckner- 207
– Petra 47057 Klöckner- 207
Mischendahl-Listander Gertrud
47057 Gneisenau- 250
Mischewski Emil 47167 Rückert- 108
– Friedrich 47269 Am Kräheinhorst 2g
– Helene 47057 Gneisenau- 214
– Horst 47051 Fürsten- 15
– Karin 47167 Herkules- 1
– Kurt 47167 Herkules- 1
– Petra 47057 Blumen- 42
– Silvia 47119 Alte Ruhrorter- 55
– Ursula 47167 Rückert- 108
– Werner 47167 Halfmann- 52
– Andreas 47167 Knappen- 53
Mischke Annette 47167 Fiskus- 200
– Armin 47167 Im Pfannenstiel 12
– Bärbel 47167 Knappen- 53
– Birgit 47167 Winning- 19
– Bruno 47179 Am Damm 39
– Bruno 47166 Kant- 37
– Christine 47167 Hohenzollernplatz 10
– Cornelia 47166 Kant- 37
– Dagmar 47167 Schlachthof- 86
– Dajana 47169 Ziegelhorst- 4
– Christiane 47057 Schemkesweg 3
– Edith 47167 Im Pfannenstiel 12
– Egon 47226 Am Berns'schen Hof 20
– Elisabeth 47167 Winning- 19
– Elke 47228 In den Pyschen 5
– Elke 47057 Sternbuschweg 10
– Elli 47167 Fiskus- 2
– Gabriele 47167 Am Tellmannshof 2
– Hannelore 47166 Markgrafen- 38
– Hans 47057 Wald- 152
– Harry 47226 Eichendorff- 10
– Heike 47166 Friedrich-Alfred- 164
– Heinz-Jürgen
47249 Swakopmunder- 33
– Helga 47137 Markt- 15
– Helga 47226 Sofien- 7
– Helma 47059 Lilienthal- 69
– Ingeburg 47179 Am Damm 39
– Irene 47279 Hermann-Grothe- 20
– Irmgard 47226 Friedrich-Alfred- 164
– Irmgard 47249 Swakopmunder- 33
– Jutta 47167 Hohenzollernplatz 10
– Käthe 47166 Wittfelder- 189
– Klara 47226 Am Berns'schen Hof 20
– Klaus 47166 Markgrafen- 38
– Konrad 47226 Franz-Schubert- 25
– Kurt 47249 Swakopmunder- 33
– Ludger 47169 Vereins- 11
– Manfred 47166 Duisburger- 83
– Margarete 47179 Jupiter- 35
– Maria 47226 Eichendorff- 10
– Marion 47119 Haniel- 6
– Martin 47167 Winning- 19
– Melanie 47226 Eichendorff- 10
– Paul 47226 Franz-Schubert- 25
– Paul 47279 Hermann-Grothe- 20
– Rose-Marie 47058 Hansa- 99
– Rosita 47166 Duisburger- 83
– Siegfried 47137 Markt- 15
– Stefanie 47226 Beethoven- 3
– Walter 47058 Hansa- 99
– Werner 47167 Fiskus- 200
– Wolfgang 47179 Jupiter- 35
– Wolfgang 47228 In den Pyschen 5
Mischkowski Annette 47228 Ring- 8
– Helmut 47228 Ring- 8
Mischner Alexander 47198 Otto- 62a
– Charlotte 47058 Wintgens- 76
– Jacqueline 47058 Luther- 26
– Jutta 47058 Luther- 26
Mischnik Andreas 47055 Zum Lith 105
– Birgit 47055 Zum Lith 105
– Horst 47055 Zum Lith 105
– Ingrid 47055 Hultschiner- 30
– Jürgen 47055 Fuchs- 49
– Klaus 47055 Wanheimer- 329
– Manuela 47055 Fuchs- 49
– Stephan 47055 Hultschiner- 30
Mischo Frank 47239 Bonert- 36
– Frank 47057 Heinrich-Lersch- 36
– Kai 47239 Bonert- 36
– Ute 47239 Bonert- 36
Mischok Eva 47138 Wiesbadener- 12
– Gerd 47138 Wiesbadener- 12
– Holger 47167 Knappen- 80
Misdom Anneliese
47059 Essenberger- 191
– Ernst 47058 Hochen- 74a
– Hans 47059 Essenberger- 191
– Horst 47166 Huf- 56
– Karin 47166 Huf- 56
– Karl 47166 Huf- 56
– Margarete 47169 Wiesen- 71
– Manuel 47166 Huf- 56
Misere Reinhard 47166 Kant- 43a
– Fred 47167 Kopernikus- 87
– Josef 47167 Am Kreyenbergshof 71
Mise Hatice 47166 Kurt-Spindler- 41
– Ismayar 47166 Kurt-Spindler- 41
Misera Auguste 47169 Am Venn 3
– Ingrid 47198 Dietrich-Bonhoeffer- 8
– Magdalena 47198 Dunker- 6
– Manfred 47198 Dunker- 6
– Roland 47198 Dietrich-Bonhoeffer- 8
Misere Angelika 47057 Scheffel- 18
– Hilde 47055 Flieder- 56
– Peter 47055 Flieder- 56
– Peter 47055 Flieder- 56
Miserini Giulia Franca
47058 Blumenthal- 40
– Stefania 47057 Bismarck- 31
Misetic Verka 47269 Breithof 4
Mislak Alexander
47053 Julius-Weber- 50
Misic Andelka 47198 Otto- 161
– Predrag 47198 Otto- 161
– Ratko 47228 Loh- 35
– Zoran 47051 Unter- 69
Misiejuk Dietmar 47239 Anna- 2
– Elisabeth 47239 Anna- 2
– Viktor 47239 Anna- 2
Misiewicz Hannelore 47138 Varziner- 5
– Helmut 47138 Varziner- 5
– Julius 47178 Johannes- 9
– Maria 47169 Im Wiesengrund 7
– Melanie 47138 Varziner- 5
– Simone 47138 Varziner- 5
Misikowski Ralf 47169 Pollerbruch- 48
Misini Milazim 47166 Kleine- 15
Misiok Gabriele
47169 Schlesische- 21
– Gerhard 47169 Schlesische- 21
Misionary Karl 47169 Wilfried- 17
Misir Elzbieta 47051 Münz- 51
– Janko 47051 Münz- 51
Miska Angelika 47166 Gottlieb- 8b
– Burckhard 47166 Gottlieb- 8b
– Dieter 47166 Gottlieb- 8b
– Gertrud 47178 Königsberger- 24
– Hildegard 47169 Ranken- 20
– Ingeburg 47057 Normer- 147
Firmen, Gewerbebetriebe usw. nach Namen – siehe gelber Teil
A-DU
